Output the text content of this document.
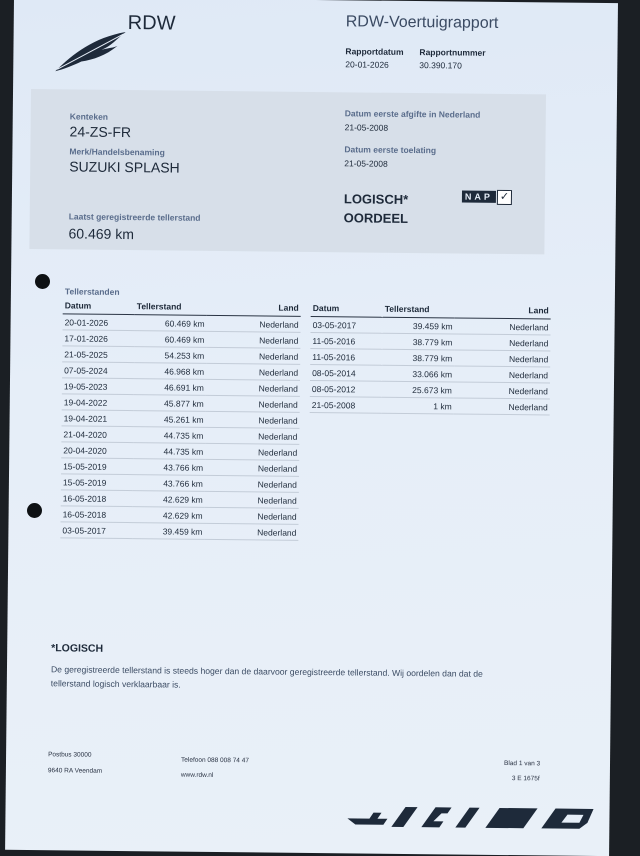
RDW	RDW-Voertuigrapport
Rapportdatum Rapportnummer
20-01-2026	30.390.170
Kenteken
24-ZS-FR
Merk/Handelsbenaming
SUZUKI SPLASH
Laatst geregistreerde tellerstand
60.469 km
Datum eerste afgifte in Nederland
21-05-2008
Datum eerste toelating
21-05-2008
LOGISCH*
OORDEEL
NAP ✓
Tellerstanden
Datum	Tellerstand	Land
20-01-2026	60.469 km	Nederland
17-01-2026	60.469 km	Nederland
21-05-2025	54.253 km	Nederland
07-05-2024	46.968 km	Nederland
19-05-2023	46.691 km	Nederland
19-04-2022	45.877 km	Nederland
19-04-2021	45.261 km	Nederland
21-04-2020	44.735 km	Nederland
20-04-2020	44.735 km	Nederland
15-05-2019	43.766 km	Nederland
15-05-2019	43.766 km	Nederland
16-05-2018	42.629 km	Nederland
16-05-2018	42.629 km	Nederland
03-05-2017	39.459 km	Nederland
Datum	Tellerstand	Land
03-05-2017	39.459 km	Nederland
11-05-2016	38.779 km	Nederland
11-05-2016	38.779 km	Nederland
08-05-2014	33.066 km	Nederland
08-05-2012	25.673 km	Nederland
21-05-2008	1 km	Nederland
*LOGISCH
De geregistreerde tellerstand is steeds hoger dan de daarvoor geregistreerde tellerstand. Wij oordelen dan dat de
tellerstand logisch verklaarbaar is.
Postbus 30000
9640 RA Veendam
Telefoon 088 008 74 47
www.rdw.nl
Blad 1 van 3
3 E 1675f
